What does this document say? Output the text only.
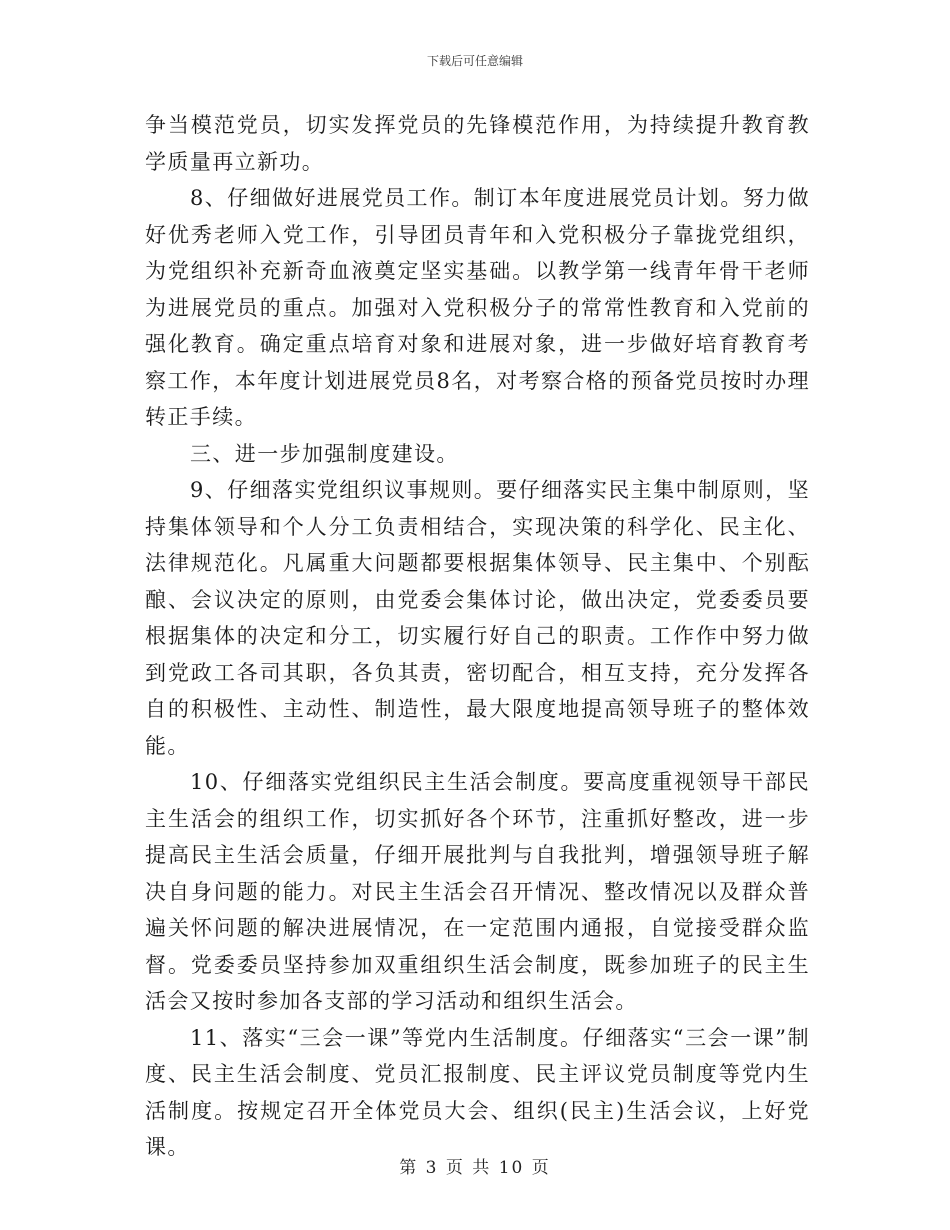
下载后可任意编辑

争当模范党员，切实发挥党员的先锋模范作用，为持续提升教育教学质量再立新功。

8、仔细做好进展党员工作。制订本年度进展党员计划。努力做好优秀老师入党工作，引导团员青年和入党积极分子靠拢党组织，为党组织补充新奇血液奠定坚实基础。以教学第一线青年骨干老师为进展党员的重点。加强对入党积极分子的常常性教育和入党前的强化教育。确定重点培育对象和进展对象，进一步做好培育教育考察工作，本年度计划进展党员8名，对考察合格的预备党员按时办理转正手续。

三、进一步加强制度建设。

9、仔细落实党组织议事规则。要仔细落实民主集中制原则，坚持集体领导和个人分工负责相结合，实现决策的科学化、民主化、法律规范化。凡属重大问题都要根据集体领导、民主集中、个别酝酿、会议决定的原则，由党委会集体讨论，做出决定，党委委员要根据集体的决定和分工，切实履行好自己的职责。工作作中努力做到党政工各司其职，各负其责，密切配合，相互支持，充分发挥各自的积极性、主动性、制造性，最大限度地提高领导班子的整体效能。

10、仔细落实党组织民主生活会制度。要高度重视领导干部民主生活会的组织工作，切实抓好各个环节，注重抓好整改，进一步提高民主生活会质量，仔细开展批判与自我批判，增强领导班子解决自身问题的能力。对民主生活会召开情况、整改情况以及群众普遍关怀问题的解决进展情况，在一定范围内通报，自觉接受群众监督。党委委员坚持参加双重组织生活会制度，既参加班子的民主生活会又按时参加各支部的学习活动和组织生活会。

11、落实“三会一课”等党内生活制度。仔细落实“三会一课”制度、民主生活会制度、党员汇报制度、民主评议党员制度等党内生活制度。按规定召开全体党员大会、组织(民主)生活会议，上好党课。

第 3 页 共 10 页
